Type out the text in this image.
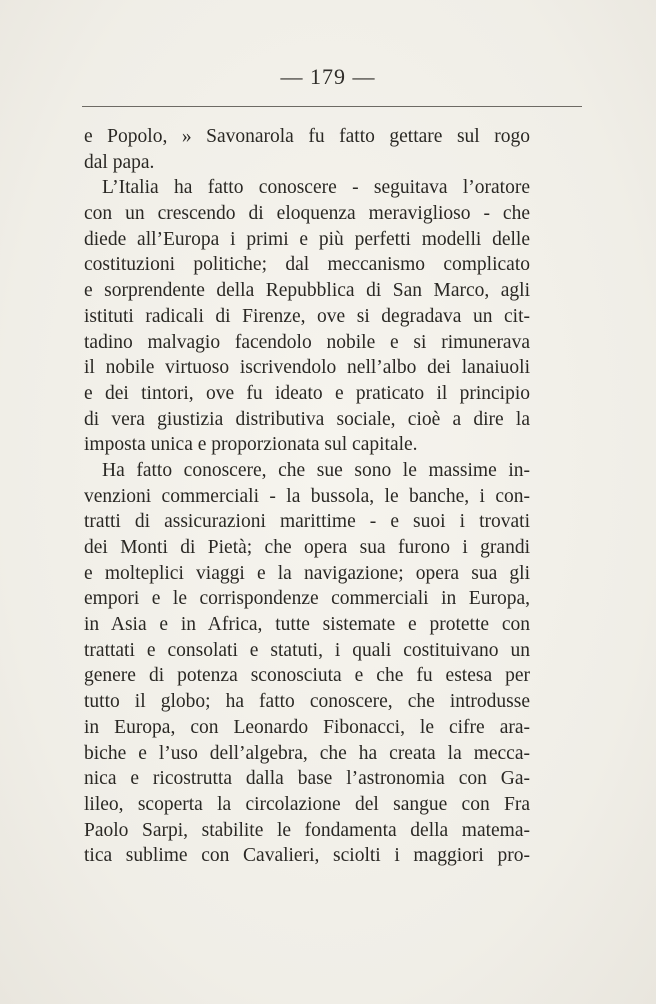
— 179 —
e Popolo, » Savonarola fu fatto gettare sul rogo
dal papa.
L’Italia ha fatto conoscere - seguitava l’oratore
con un crescendo di eloquenza meraviglioso - che
diede all’Europa i primi e più perfetti modelli delle
costituzioni politiche; dal meccanismo complicato
e sorprendente della Repubblica di San Marco, agli
istituti radicali di Firenze, ove si degradava un cit-
tadino malvagio facendolo nobile e si rimunerava
il nobile virtuoso iscrivendolo nell’albo dei lanaiuoli
e dei tintori, ove fu ideato e praticato il principio
di vera giustizia distributiva sociale, cioè a dire la
imposta unica e proporzionata sul capitale.
Ha fatto conoscere, che sue sono le massime in-
venzioni commerciali - la bussola, le banche, i con-
tratti di assicurazioni marittime - e suoi i trovati
dei Monti di Pietà; che opera sua furono i grandi
e molteplici viaggi e la navigazione; opera sua gli
empori e le corrispondenze commerciali in Europa,
in Asia e in Africa, tutte sistemate e protette con
trattati e consolati e statuti, i quali costituivano un
genere di potenza sconosciuta e che fu estesa per
tutto il globo; ha fatto conoscere, che introdusse
in Europa, con Leonardo Fibonacci, le cifre ara-
biche e l’uso dell’algebra, che ha creata la mecca-
nica e ricostrutta dalla base l’astronomia con Ga-
lileo, scoperta la circolazione del sangue con Fra
Paolo Sarpi, stabilite le fondamenta della matema-
tica sublime con Cavalieri, sciolti i maggiori pro-
